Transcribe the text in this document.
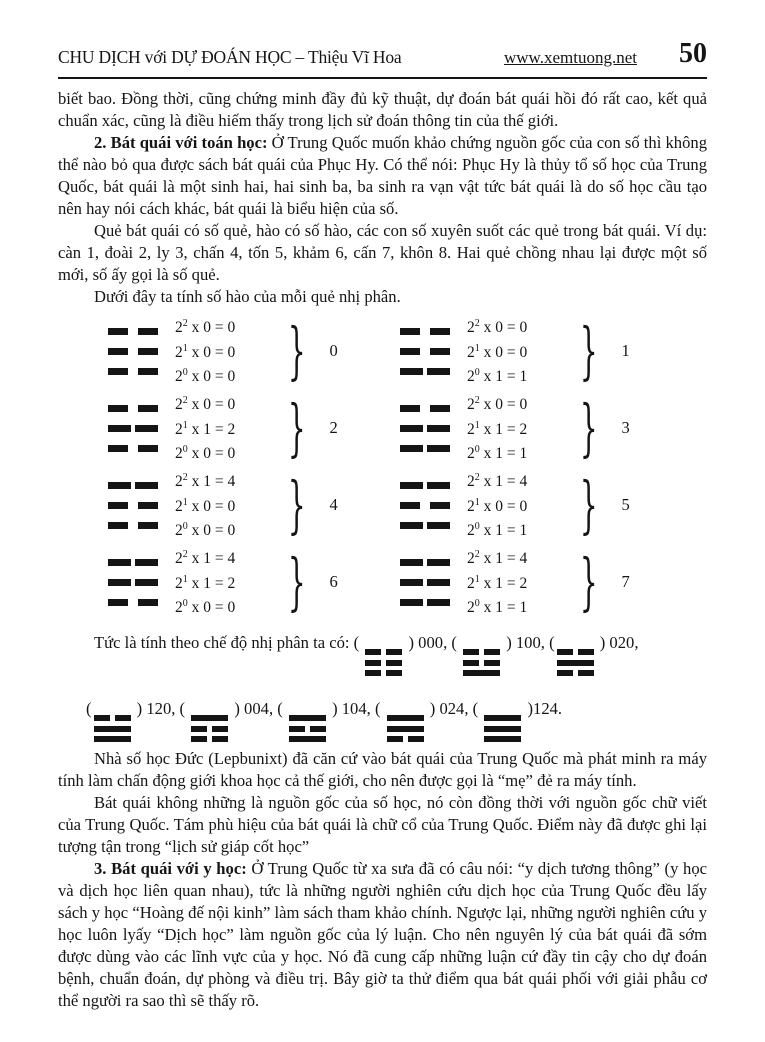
CHU DỊCH với DỰ ĐOÁN HỌC – Thiệu Vĩ Hoa	www.xemtuong.net 50

biết bao. Đồng thời, cũng chứng minh đầy đủ kỹ thuật, dự đoán bát quái hồi đó rất cao, kết quả chuẩn xác, cũng là điều hiếm thấy trong lịch sử đoán thông tin của thế giới.

2. Bát quái với toán học: Ở Trung Quốc muốn khảo chứng nguồn gốc của con số thì không thể nào bỏ qua được sách bát quái của Phục Hy. Có thể nói: Phục Hy là thủy tổ số học của Trung Quốc, bát quái là một sinh hai, hai sinh ba, ba sinh ra vạn vật tức bát quái là do số học cầu tạo nên hay nói cách khác, bát quái là biểu hiện của số.

Quẻ bát quái có số quẻ, hào có số hào, các con số xuyên suốt các quẻ trong bát quái. Ví dụ: càn 1, đoài 2, ly 3, chấn 4, tốn 5, khảm 6, cấn 7, khôn 8. Hai quẻ chồng nhau lại được một số mới, số ấy gọi là số quẻ.

Dưới đây ta tính số hào của mỗi quẻ nhị phân.

$2^2$ x 0 = 0
$2^1$ x 0 = 0
$2^0$ x 0 = 0 } 0
$2^2$ x 0 = 0
$2^1$ x 0 = 0
$2^0$ x 1 = 1 } 1
$2^2$ x 0 = 0
$2^1$ x 1 = 2
$2^0$ x 0 = 0 } 2
$2^2$ x 0 = 0
$2^1$ x 1 = 2
$2^0$ x 1 = 1 } 3
$2^2$ x 1 = 4
$2^1$ x 0 = 0
$2^0$ x 0 = 0 } 4
$2^2$ x 1 = 4
$2^1$ x 0 = 0
$2^0$ x 1 = 1 } 5
$2^2$ x 1 = 4
$2^1$ x 1 = 2
$2^0$ x 0 = 0 } 6
$2^2$ x 1 = 4
$2^1$ x 1 = 2
$2^0$ x 1 = 1 } 7

Tức là tính theo chế độ nhị phân ta có: (
) 000, (
) 100, (
) 020,

(
) 120, (
) 004, (
) 104, (
) 024, (
)124.

Nhà số học Đức (Lepbunixt) đã căn cứ vào bát quái của Trung Quốc mà phát minh ra máy tính làm chấn động giới khoa học cả thế giới, cho nên được gọi là “mẹ” đẻ ra máy tính.

Bát quái không những là nguồn gốc của số học, nó còn đồng thời với nguồn gốc chữ viết của Trung Quốc. Tám phù hiệu của bát quái là chữ cổ của Trung Quốc. Điểm này đã được ghi lại tượng tận trong “lịch sử giáp cốt học”

3. Bát quái với y học: Ở Trung Quốc từ xa sưa đã có câu nói: “y dịch tương thông” (y học và dịch học liên quan nhau), tức là những người nghiên cứu dịch học của Trung Quốc đều lấy sách y học “Hoàng đế nội kinh” làm sách tham khảo chính. Ngược lại, những người nghiên cứu y học luôn lyấy “Dịch học” làm nguồn gốc của lý luận. Cho nên nguyên lý của bát quái đã sớm được dùng vào các lĩnh vực của y học. Nó đã cung cấp những luận cứ đầy tin cậy cho dự đoán bệnh, chuẩn đoán, dự phòng và điều trị. Bây giờ ta thử điểm qua bát quái phối với giải phẫu cơ thể người ra sao thì sẽ thấy rõ.
